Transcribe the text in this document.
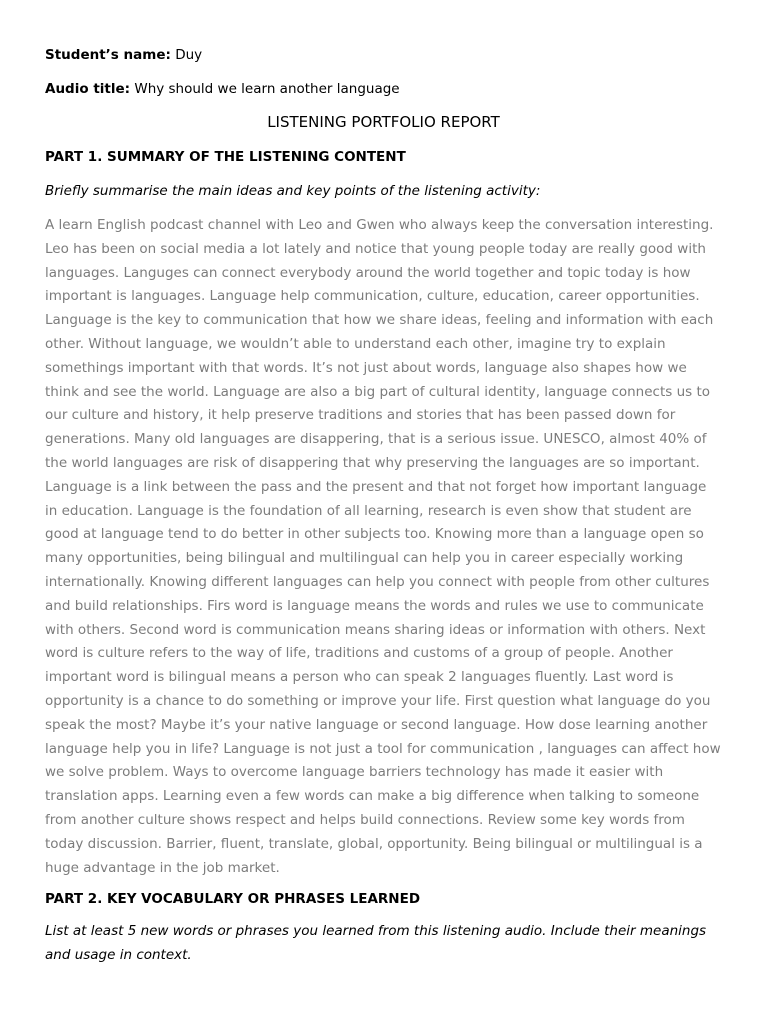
Student’s name: Duy
Audio title: Why should we learn another language
LISTENING PORTFOLIO REPORT
PART 1. SUMMARY OF THE LISTENING CONTENT
Briefly summarise the main ideas and key points of the listening activity:
A learn English podcast channel with Leo and Gwen who always keep the conversation interesting. Leo has been on social media a lot lately and notice that young people today are really good with languages. Languges can connect everybody around the world together and topic today is how important is languages. Language help communication, culture, education, career opportunities. Language is the key to communication that how we share ideas, feeling and information with each other. Without language, we wouldn’t able to understand each other, imagine try to explain somethings important with that words. It’s not just about words, language also shapes how we think and see the world. Language are also a big part of cultural identity, language connects us to our culture and history, it help preserve traditions and stories that has been passed down for generations. Many old languages are disappering, that is a serious issue. UNESCO, almost 40% of the world languages are risk of disappering that why preserving the languages are so important. Language is a link between the pass and the present and that not forget how important language in education. Language is the foundation of all learning, research is even show that student are good at language tend to do better in other subjects too. Knowing more than a language open so many opportunities, being bilingual and multilingual can help you in career especially working internationally. Knowing different languages can help you connect with people from other cultures and build relationships. Firs word is language means the words and rules we use to communicate with others. Second word is communication means sharing ideas or information with others. Next word is culture refers to the way of life, traditions and customs of a group of people. Another important word is bilingual means a person who can speak 2 languages fluently. Last word is opportunity is a chance to do something or improve your life. First question what language do you speak the most? Maybe it’s your native language or second language. How dose learning another language help you in life? Language is not just a tool for communication , languages can affect how we solve problem. Ways to overcome language barriers technology has made it easier with translation apps. Learning even a few words can make a big difference when talking to someone from another culture shows respect and helps build connections. Review some key words from today discussion. Barrier, fluent, translate, global, opportunity. Being bilingual or multilingual is a huge advantage in the job market.
PART 2. KEY VOCABULARY OR PHRASES LEARNED
List at least 5 new words or phrases you learned from this listening audio. Include their meanings and usage in context.
